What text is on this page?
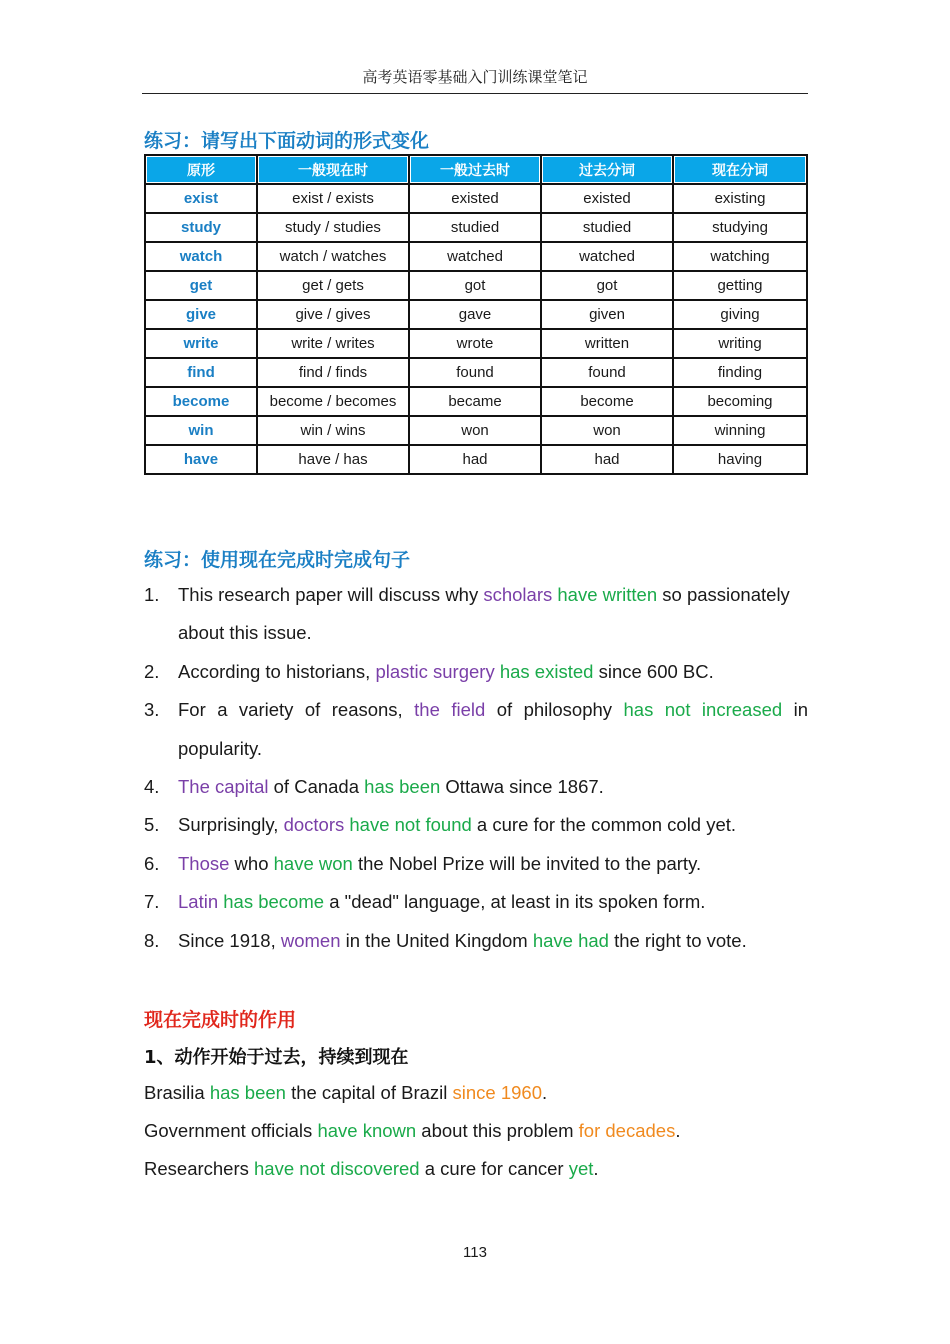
高考英语零基础入门训练课堂笔记
练习：请写出下面动词的形式变化
原形	一般现在时	一般过去时	过去分词	现在分词
exist	exist / exists	existed	existed	existing
study	study / studies	studied	studied	studying
watch	watch / watches	watched	watched	watching
get	get / gets	got	got	getting
give	give / gives	gave	given	giving
write	write / writes	wrote	written	writing
find	find / finds	found	found	finding
become	become / becomes	became	become	becoming
win	win / wins	won	won	winning
have	have / has	had	had	having
练习：使用现在完成时完成句子
1. This research paper will discuss why scholars have written so passionately about this issue.
2. According to historians, plastic surgery has existed since 600 BC.
3. For a variety of reasons, the field of philosophy has not increased in popularity.
4. The capital of Canada has been Ottawa since 1867.
5. Surprisingly, doctors have not found a cure for the common cold yet.
6. Those who have won the Nobel Prize will be invited to the party.
7. Latin has become a "dead" language, at least in its spoken form.
8. Since 1918, women in the United Kingdom have had the right to vote.
现在完成时的作用
1、动作开始于过去，持续到现在
Brasilia has been the capital of Brazil since 1960.
Government officials have known about this problem for decades.
Researchers have not discovered a cure for cancer yet.
113
